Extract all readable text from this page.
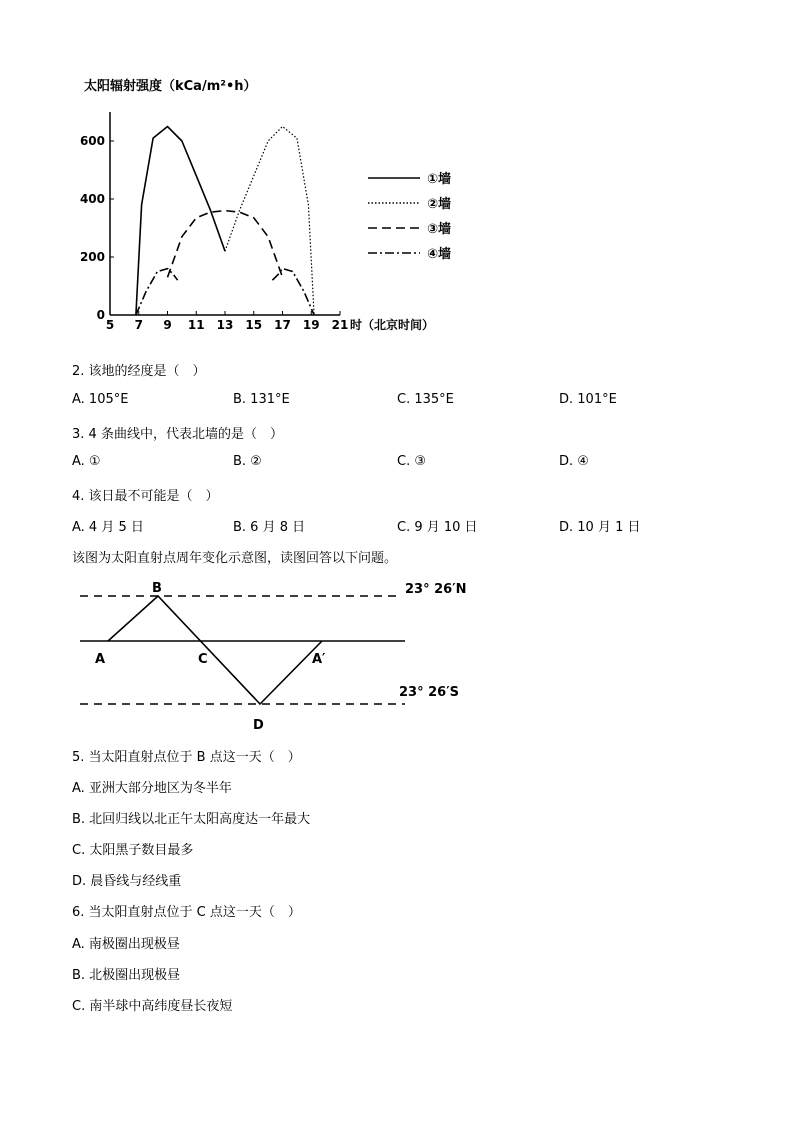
太阳辐射强度（kCa/m²•h）
5 7 9 11 13 15 17 19 21 时（北京时间）
0
200
400
600
①墙
②墙
③墙
④墙
2. 该地的经度是（　）
A. 105°E	B. 131°E	C. 135°E	D. 101°E
3. 4 条曲线中，代表北墙的是（　）
A. ①	B. ②	C. ③	D. ④
4. 该日最不可能是（　）
A. 4 月 5 日	B. 6 月 8 日	C. 9 月 10 日	D. 10 月 1 日
该图为太阳直射点周年变化示意图，读图回答以下问题。
23° 26′N
23° 26′S
B
A	C	A′
D
5. 当太阳直射点位于 B 点这一天（　）
A. 亚洲大部分地区为冬半年
B. 北回归线以北正午太阳高度达一年最大
C. 太阳黑子数目最多
D. 晨昏线与经线重
6. 当太阳直射点位于 C 点这一天（　）
A. 南极圈出现极昼
B. 北极圈出现极昼
C. 南半球中高纬度昼长夜短
